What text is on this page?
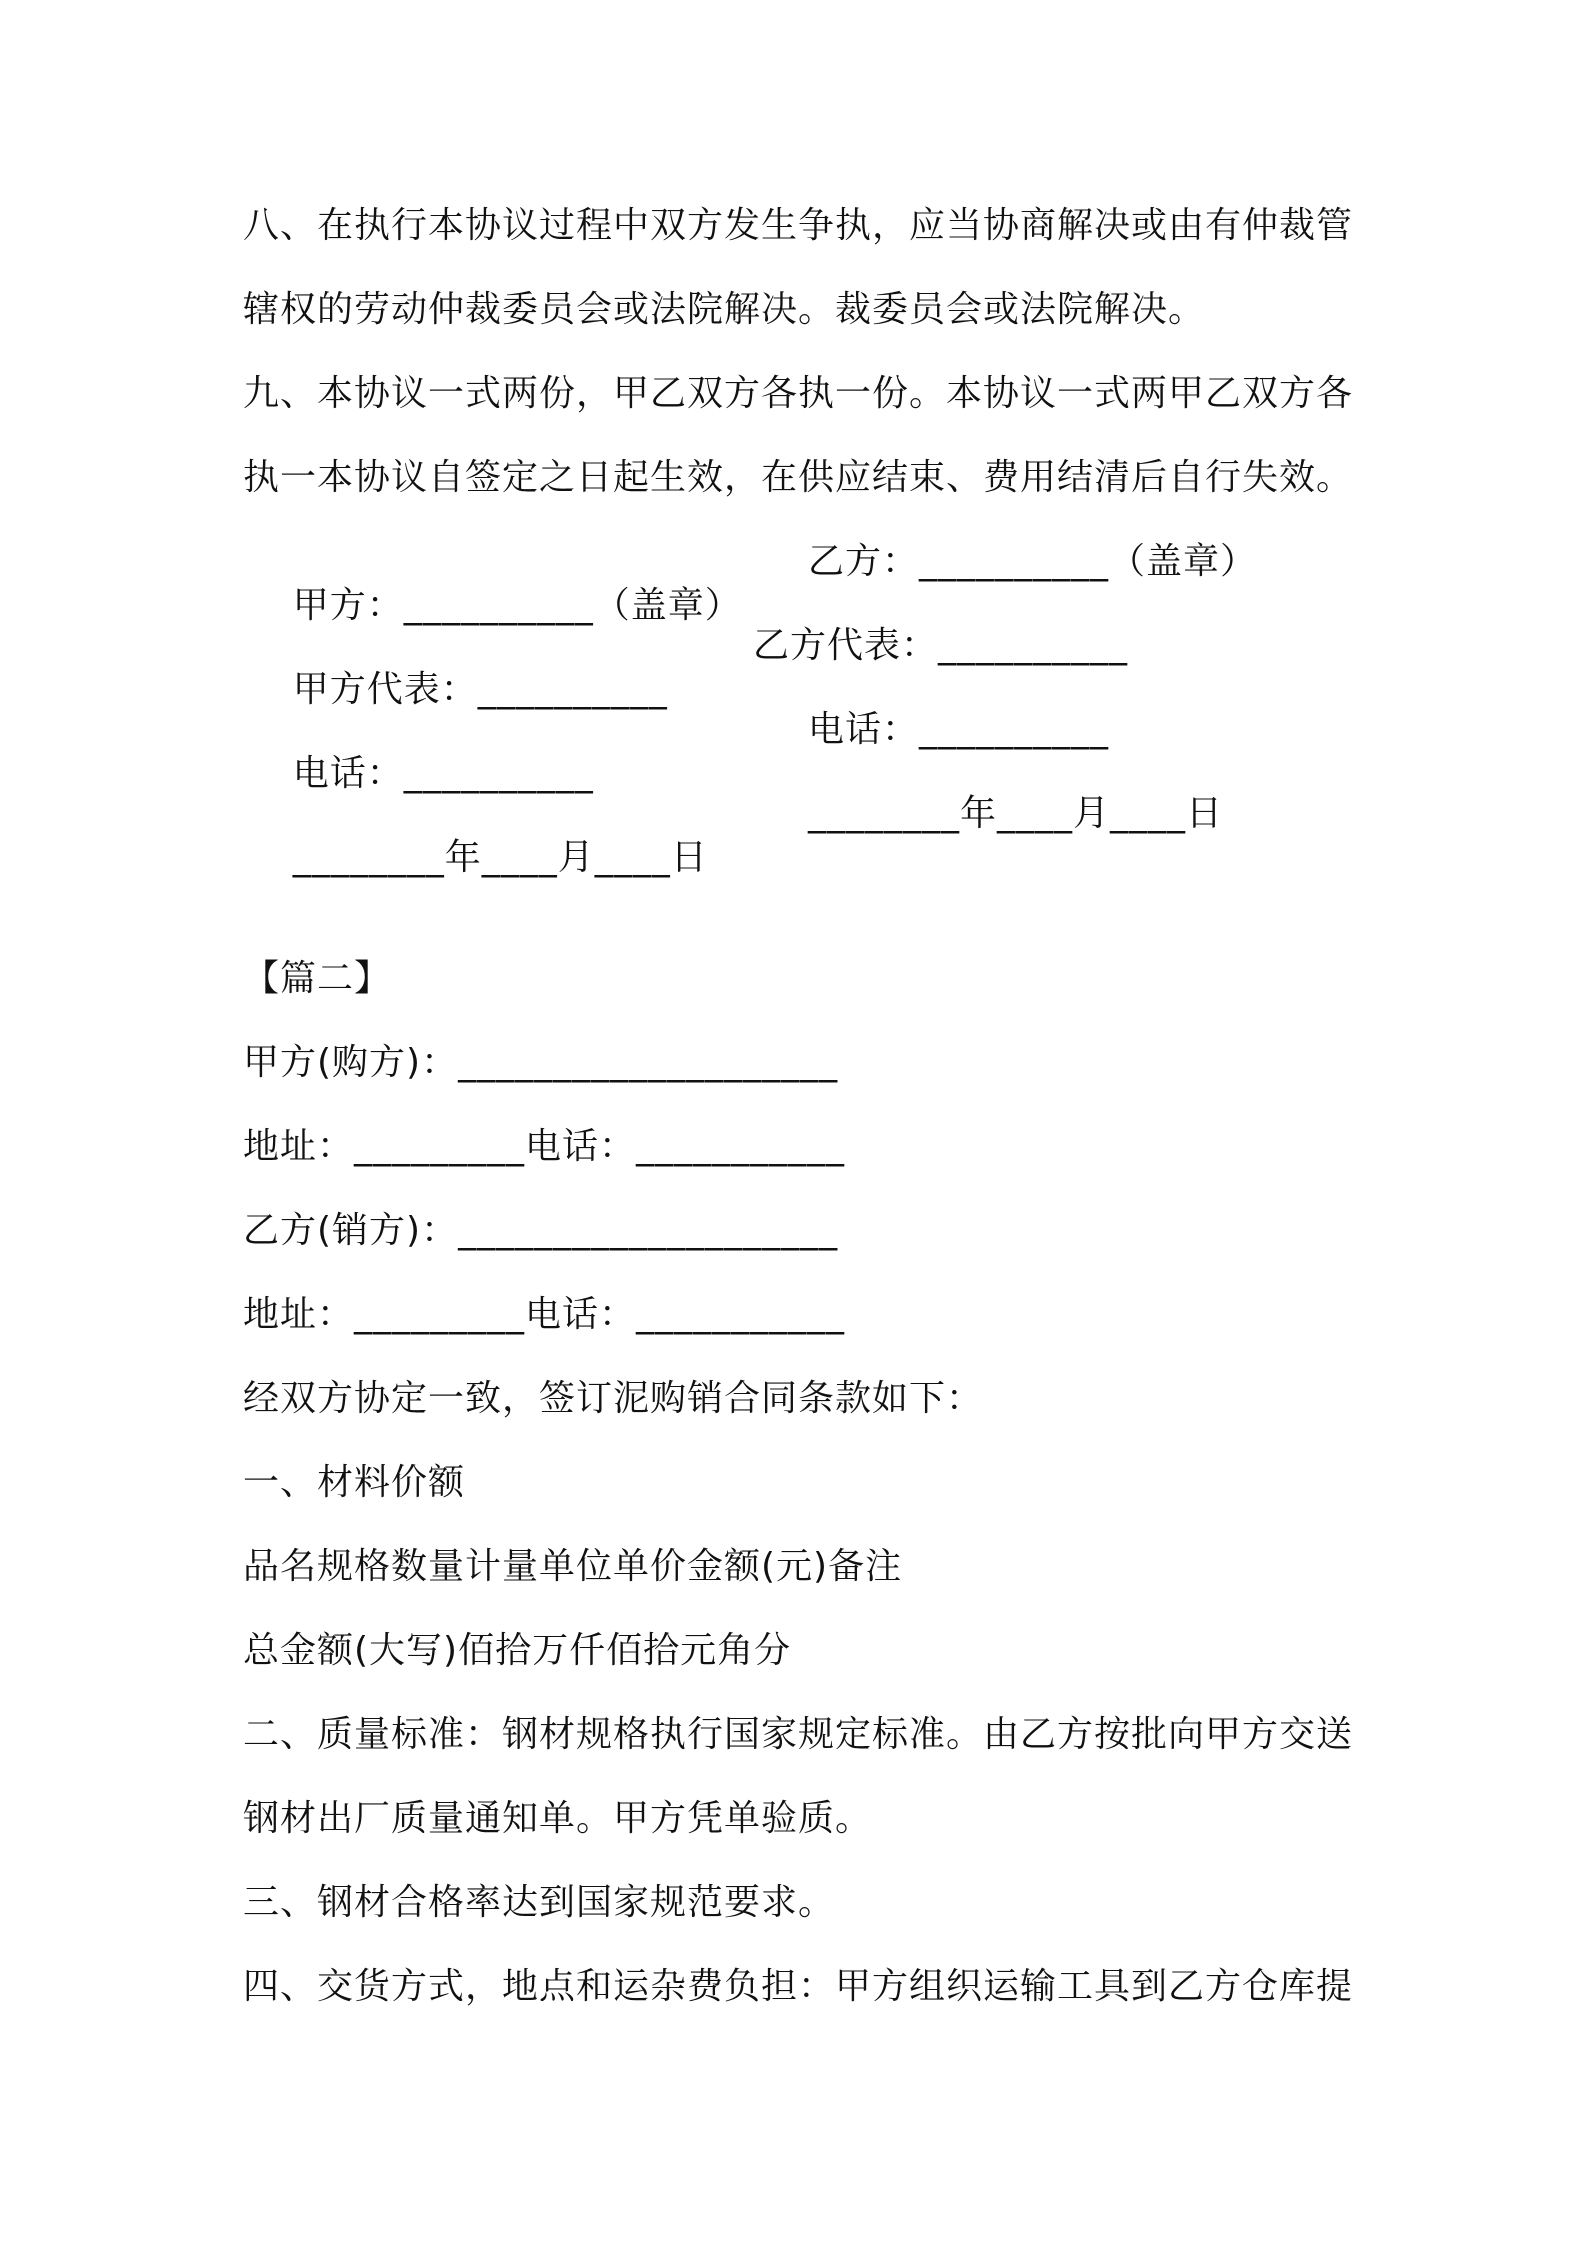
八、在执行本协议过程中双方发生争执，应当协商解决或由有仲裁管
辖权的劳动仲裁委员会或法院解决。裁委员会或法院解决。
九、本协议一式两份，甲乙双方各执一份。本协议一式两甲乙双方各
执一本协议自签定之日起生效，在供应结束、费用结清后自行失效。

甲方：__________（盖章）

乙方：__________（盖章）

甲方代表：__________

乙方代表：__________

电话：__________

电话：__________

________年____月____日

________年____月____日

【篇二】
甲方(购方)：____________________
地址：_________电话：___________
乙方(销方)：____________________
地址：_________电话：___________
经双方协定一致，签订泥购销合同条款如下：
一、材料价额
品名规格数量计量单位单价金额(元)备注
总金额(大写)佰拾万仟佰拾元角分
二、质量标准：钢材规格执行国家规定标准。由乙方按批向甲方交送
钢材出厂质量通知单。甲方凭单验质。
三、钢材合格率达到国家规范要求。
四、交货方式，地点和运杂费负担：甲方组织运输工具到乙方仓库提
